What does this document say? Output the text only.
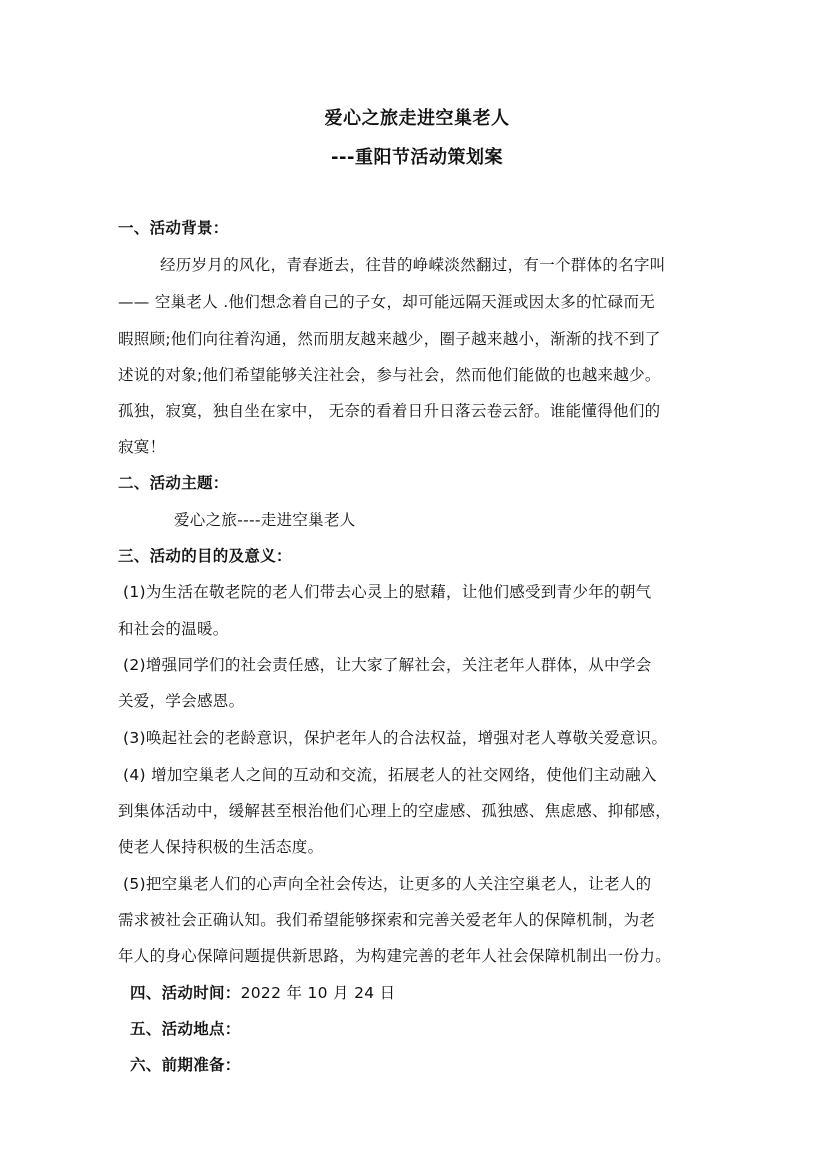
爱心之旅走进空巢老人
---重阳节活动策划案
一、活动背景：
经历岁月的风化，青春逝去，往昔的峥嵘淡然翻过，有一个群体的名字叫
—— 空巢老人 .他们想念着自己的子女，却可能远隔天涯或因太多的忙碌而无
暇照顾;他们向往着沟通，然而朋友越来越少，圈子越来越小，渐渐的找不到了
述说的对象;他们希望能够关注社会，参与社会，然而他们能做的也越来越少。
孤独，寂寞，独自坐在家中， 无奈的看着日升日落云卷云舒。谁能懂得他们的
寂寞！
二、活动主题：
爱心之旅----走进空巢老人
三、活动的目的及意义：
(1)为生活在敬老院的老人们带去心灵上的慰藉，让他们感受到青少年的朝气
和社会的温暖。
(2)增强同学们的社会责任感，让大家了解社会，关注老年人群体，从中学会
关爱，学会感恩。
(3)唤起社会的老龄意识，保护老年人的合法权益，增强对老人尊敬关爱意识。
(4) 增加空巢老人之间的互动和交流，拓展老人的社交网络，使他们主动融入
到集体活动中，缓解甚至根治他们心理上的空虚感、孤独感、焦虑感、抑郁感，
使老人保持积极的生活态度。
(5)把空巢老人们的心声向全社会传达，让更多的人关注空巢老人，让老人的
需求被社会正确认知。我们希望能够探索和完善关爱老年人的保障机制，为老
年人的身心保障问题提供新思路，为构建完善的老年人社会保障机制出一份力。
四、活动时间：2022 年 10 月 24 日
五、活动地点：
六、前期准备：
